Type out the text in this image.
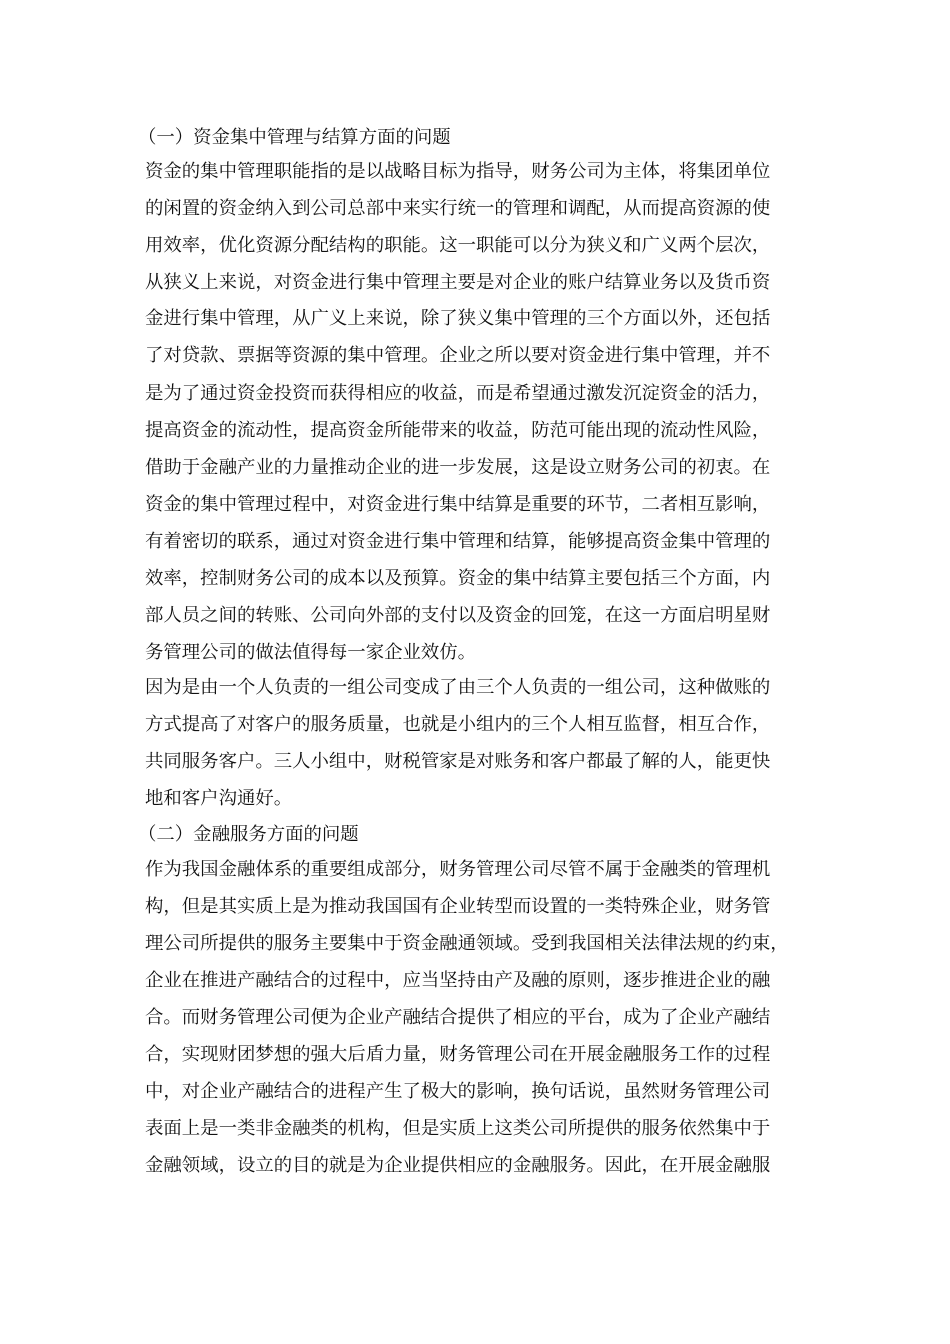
（一）资金集中管理与结算方面的问题
资金的集中管理职能指的是以战略目标为指导，财务公司为主体，将集团单位
的闲置的资金纳入到公司总部中来实行统一的管理和调配，从而提高资源的使
用效率，优化资源分配结构的职能。这一职能可以分为狭义和广义两个层次，
从狭义上来说，对资金进行集中管理主要是对企业的账户结算业务以及货币资
金进行集中管理，从广义上来说，除了狭义集中管理的三个方面以外，还包括
了对贷款、票据等资源的集中管理。企业之所以要对资金进行集中管理，并不
是为了通过资金投资而获得相应的收益，而是希望通过激发沉淀资金的活力，
提高资金的流动性，提高资金所能带来的收益，防范可能出现的流动性风险，
借助于金融产业的力量推动企业的进一步发展，这是设立财务公司的初衷。在
资金的集中管理过程中，对资金进行集中结算是重要的环节，二者相互影响，
有着密切的联系，通过对资金进行集中管理和结算，能够提高资金集中管理的
效率，控制财务公司的成本以及预算。资金的集中结算主要包括三个方面，内
部人员之间的转账、公司向外部的支付以及资金的回笼，在这一方面启明星财
务管理公司的做法值得每一家企业效仿。
因为是由一个人负责的一组公司变成了由三个人负责的一组公司，这种做账的
方式提高了对客户的服务质量，也就是小组内的三个人相互监督，相互合作，
共同服务客户。三人小组中，财税管家是对账务和客户都最了解的人，能更快
地和客户沟通好。
（二）金融服务方面的问题
作为我国金融体系的重要组成部分，财务管理公司尽管不属于金融类的管理机
构，但是其实质上是为推动我国国有企业转型而设置的一类特殊企业，财务管
理公司所提供的服务主要集中于资金融通领域。受到我国相关法律法规的约束，
企业在推进产融结合的过程中，应当坚持由产及融的原则，逐步推进企业的融
合。而财务管理公司便为企业产融结合提供了相应的平台，成为了企业产融结
合，实现财团梦想的强大后盾力量，财务管理公司在开展金融服务工作的过程
中，对企业产融结合的进程产生了极大的影响，换句话说，虽然财务管理公司
表面上是一类非金融类的机构，但是实质上这类公司所提供的服务依然集中于
金融领域，设立的目的就是为企业提供相应的金融服务。因此，在开展金融服
